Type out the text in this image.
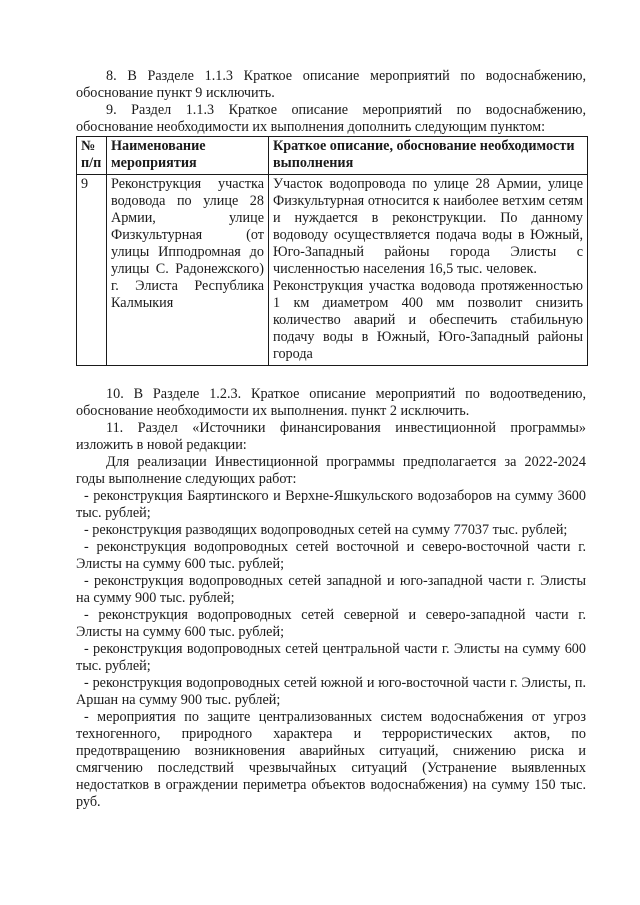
8. В Разделе 1.1.3 Краткое описание мероприятий по водоснабжению, обоснование пункт 9 исключить.

9. Раздел 1.1.3 Краткое описание мероприятий по водоснабжению, обоснование необходимости их выполнения дополнить следующим пунктом:

№ п/п	Наименование мероприятия	Краткое описание, обоснование необходимости выполнения
9	Реконструкция участка водовода по улице 28 Армии, улице Физкультурная (от улицы Ипподромная до улицы С. Радонежского) г. Элиста Республика Калмыкия	Участок водопровода по улице 28 Армии, улице Физкультурная относится к наиболее ветхим сетям и нуждается в реконструкции. По данному водоводу осуществляется подача воды в Южный, Юго-Западный районы города Элисты с численностью населения 16,5 тыс. человек.
Реконструкция участка водовода протяженностью 1 км диаметром 400 мм позволит снизить количество аварий и обеспечить стабильную подачу воды в Южный, Юго-Западный районы города

10. В Разделе 1.2.3. Краткое описание мероприятий по водоотведению, обоснование необходимости их выполнения. пункт 2 исключить.

11. Раздел «Источники финансирования инвестиционной программы» изложить в новой редакции:

Для реализации Инвестиционной программы предполагается за 2022-2024 годы выполнение следующих работ:

- реконструкция Баяртинского и Верхне-Яшкульского водозаборов на сумму 3600 тыс. рублей;

- реконструкция разводящих водопроводных сетей на сумму 77037 тыс. рублей;

- реконструкция водопроводных сетей восточной и северо-восточной части г. Элисты на сумму 600 тыс. рублей;

- реконструкция водопроводных сетей западной и юго-западной части г. Элисты на сумму 900 тыс. рублей;

- реконструкция водопроводных сетей северной и северо-западной части г. Элисты на сумму 600 тыс. рублей;

- реконструкция водопроводных сетей центральной части г. Элисты на сумму 600 тыс. рублей;

- реконструкция водопроводных сетей южной и юго-восточной части г. Элисты, п. Аршан на сумму 900 тыс. рублей;

- мероприятия по защите централизованных систем водоснабжения от угроз техногенного, природного характера и террористических актов, по предотвращению возникновения аварийных ситуаций, снижению риска и смягчению последствий чрезвычайных ситуаций (Устранение выявленных недостатков в ограждении периметра объектов водоснабжения) на сумму 150 тыс. руб.
